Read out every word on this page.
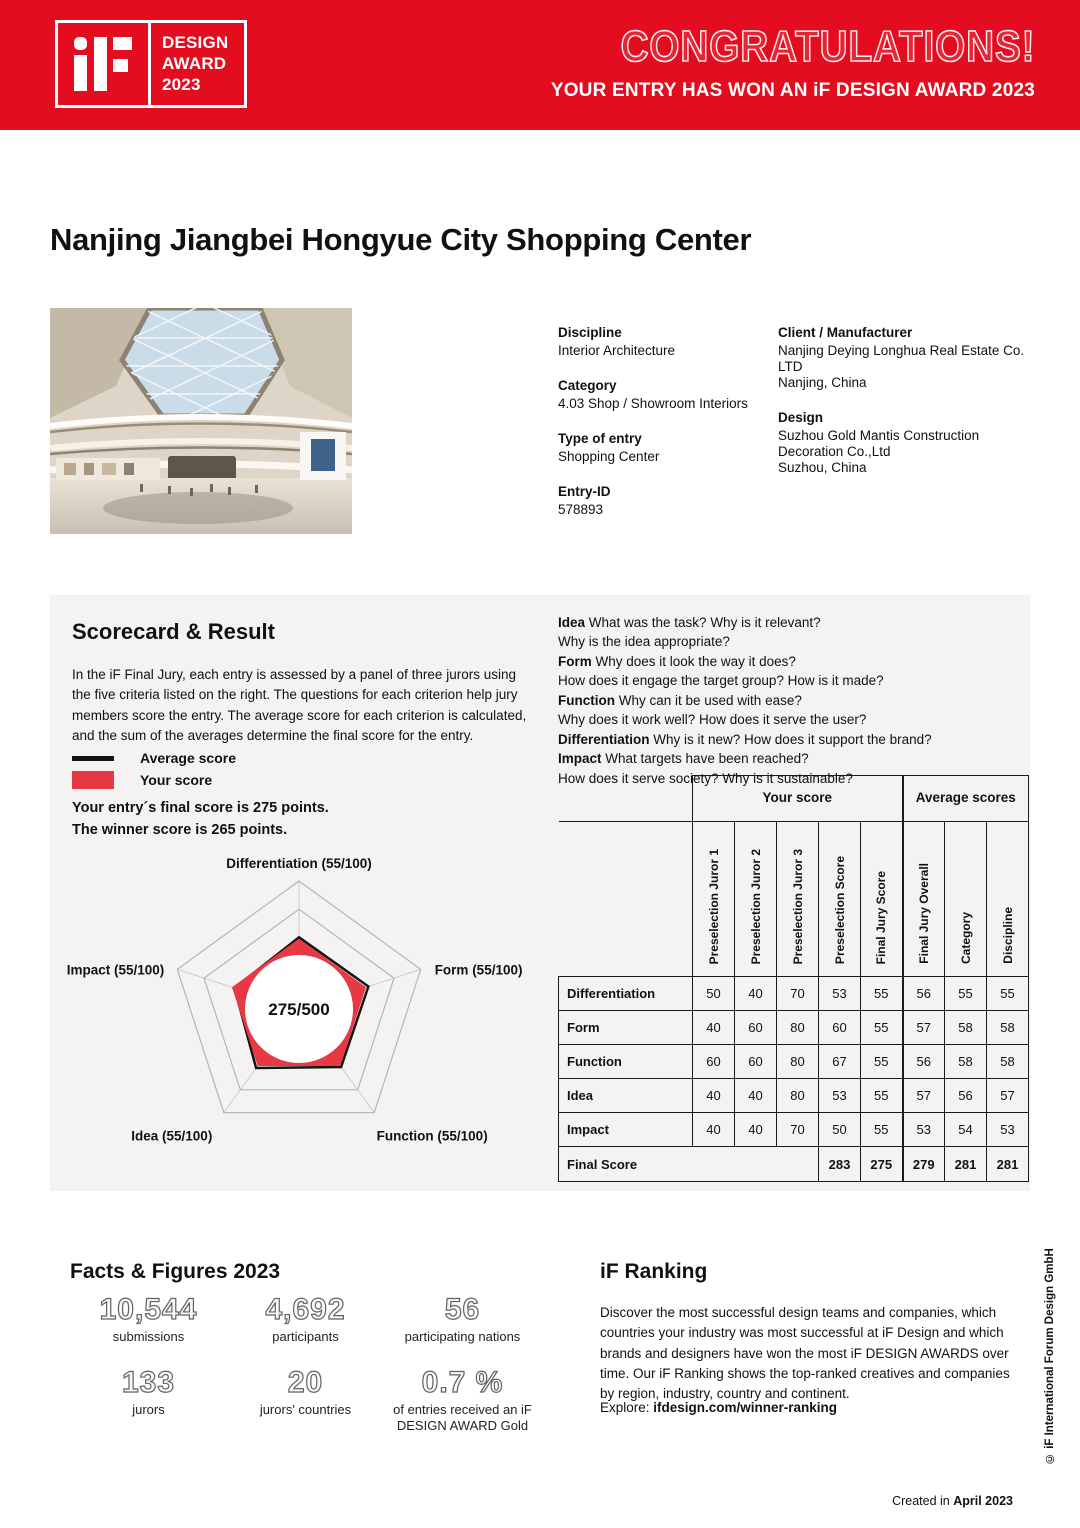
DESIGN
AWARD
2023
CONGRATULATIONS!
YOUR ENTRY HAS WON AN iF DESIGN AWARD 2023
Nanjing Jiangbei Hongyue City Shopping Center
Discipline
Interior Architecture
Category
4.03 Shop / Showroom Interiors
Type of entry
Shopping Center
Entry-ID
578893
Client / Manufacturer
Nanjing Deying Longhua Real Estate Co.
LTD
Nanjing, China
Design
Suzhou Gold Mantis Construction
Decoration Co.,Ltd
Suzhou, China
Scorecard & Result
In the iF Final Jury, each entry is assessed by a panel of three jurors using the five criteria listed on the right. The questions for each criterion help jury members score the entry. The average score for each criterion is calculated, and the sum of the averages determine the final score for the entry.
Average score
Your score
Your entry´s final score is 275 points.
The winner score is 265 points.
275/500
Differentiation (55/100)
Form (55/100)
Function (55/100)
Idea (55/100)
Impact (55/100)
Idea What was the task? Why is it relevant?
Why is the idea appropriate?
Form Why does it look the way it does?
How does it engage the target group? How is it made?
Function Why can it be used with ease?
Why does it work well? How does it serve the user?
Differentiation Why is it new? How does it support the brand?
Impact What targets have been reached?
How does it serve society? Why is it sustainable?
	Your score					Average scores		
	Preselection Juror 1	Preselection Juror 2	Preselection Juror 3	Preselection Score	Final Jury Score	Final Jury Overall	Category	Discipline
Differentiation	50	40	70	53	55	56	55	55
Form	40	60	80	60	55	57	58	58
Function	60	60	80	67	55	56	58	58
Idea	40	40	80	53	55	57	56	57
Impact	40	40	70	50	55	53	54	53
Final Score				283	275	279	281	281
Facts & Figures 2023
10,544
submissions
4,692
participants
56
participating nations
133
jurors
20
jurors' countries
0.7 %
of entries received an iF DESIGN AWARD Gold
iF Ranking
Discover the most successful design teams and companies, which countries your industry was most successful at iF Design and which brands and designers have won the most iF DESIGN AWARDS over time. Our iF Ranking shows the top-ranked creatives and companies by region, industry, country and continent.
Explore: ifdesign.com/winner-ranking
Created in April 2023
© iF International Forum Design GmbH
